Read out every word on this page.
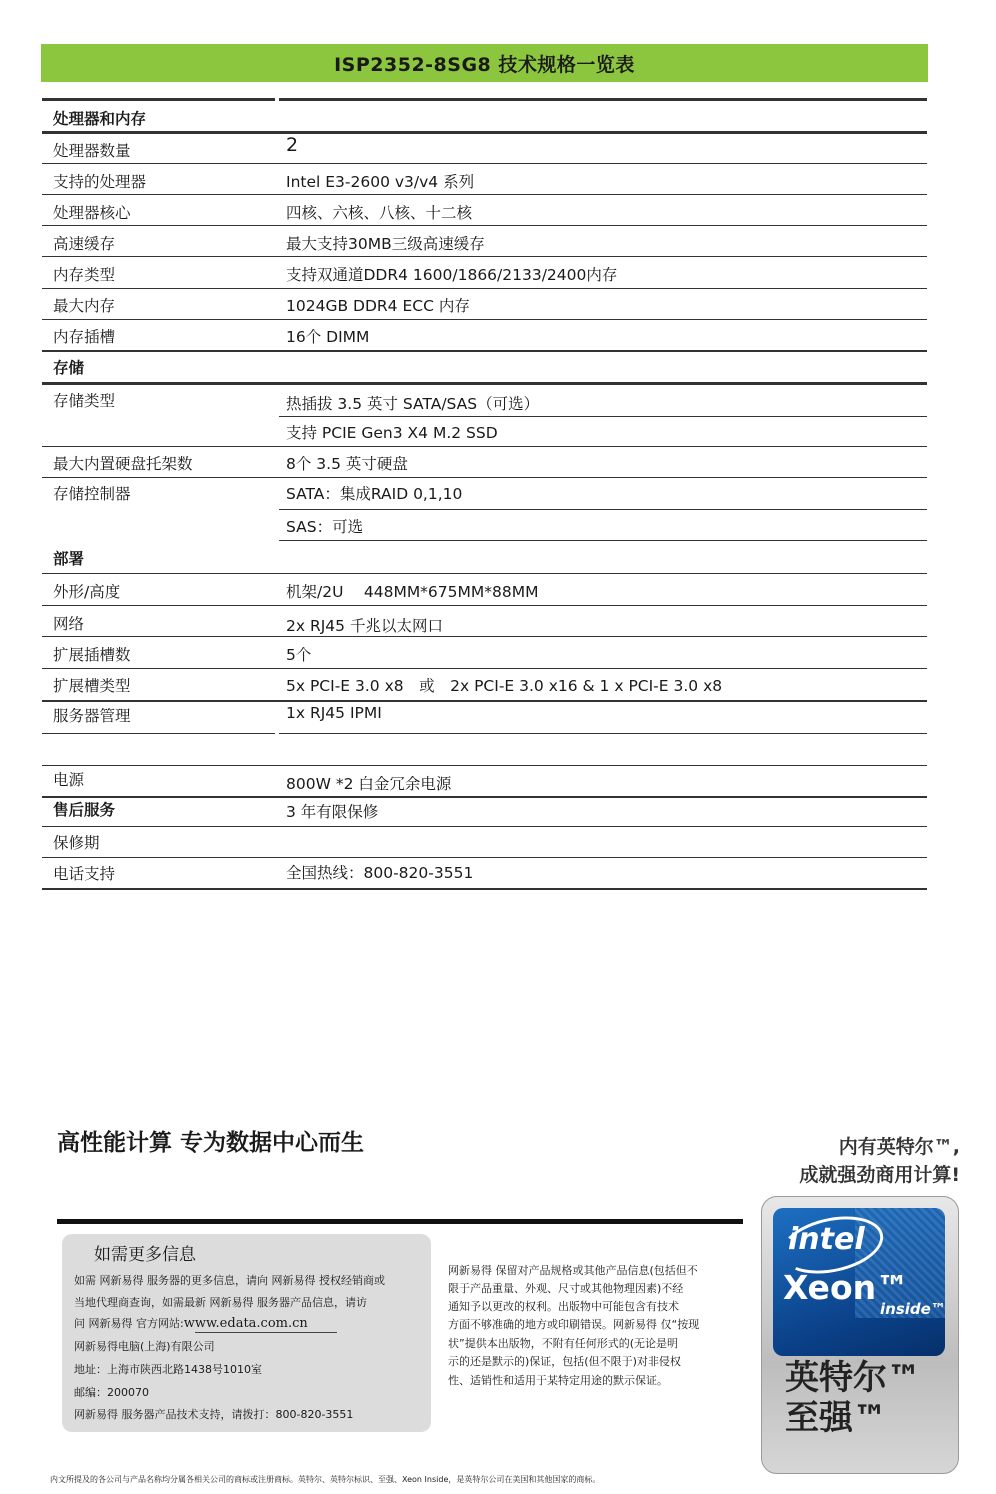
ISP2352-8SG8 技术规格一览表
处理器和内存
处理器数量	2
支持的处理器	Intel E3-2600 v3/v4 系列
处理器核心	四核、六核、八核、十二核
高速缓存	最大支持30MB三级高速缓存
内存类型	支持双通道DDR4 1600/1866/2133/2400内存
最大内存	1024GB DDR4 ECC 内存
内存插槽	16个 DIMM
存储
存储类型	热插拔 3.5 英寸 SATA/SAS（可选）
支持 PCIE Gen3 X4 M.2 SSD
最大内置硬盘托架数	8个 3.5 英寸硬盘
存储控制器	SATA：集成RAID 0,1,10
SAS：可选
部署
外形/高度	机架/2U　 448MM*675MM*88MM
网络	2x RJ45 千兆以太网口
扩展插槽数	5个
扩展槽类型	5x PCI-E 3.0 x8　或　2x PCI-E 3.0 x16 & 1 x PCI-E 3.0 x8
服务器管理	1x RJ45 IPMI
电源	800W *2 白金冗余电源
售后服务	3 年有限保修
保修期
电话支持	全国热线：800-820-3551
高性能计算 专为数据中心而生
如需更多信息
如需 网新易得 服务器的更多信息，请向 网新易得 授权经销商或
当地代理商查询，如需最新 网新易得 服务器产品信息，请访
问 网新易得 官方网站:www.edata.com.cn
网新易得电脑(上海)有限公司
地址：上海市陕西北路1438号1010室
邮编：200070
网新易得 服务器产品技术支持，请拨打：800-820-3551
网新易得 保留对产品规格或其他产品信息(包括但不
限于产品重量、外观、尺寸或其他物理因素)不经
通知予以更改的权利。出版物中可能包含有技术
方面不够准确的地方或印刷错误。网新易得 仅“按现
状”提供本出版物，不附有任何形式的(无论是明
示的还是默示的)保证，包括(但不限于)对非侵权
性、适销性和适用于某特定用途的默示保证。
内有英特尔™,
成就强劲商用计算!
intel
Xeon™
inside™
英特尔™
至强™
内文所提及的各公司与产品名称均分属各相关公司的商标或注册商标。英特尔、英特尔标识、至强、Xeon Inside，是英特尔公司在美国和其他国家的商标。
